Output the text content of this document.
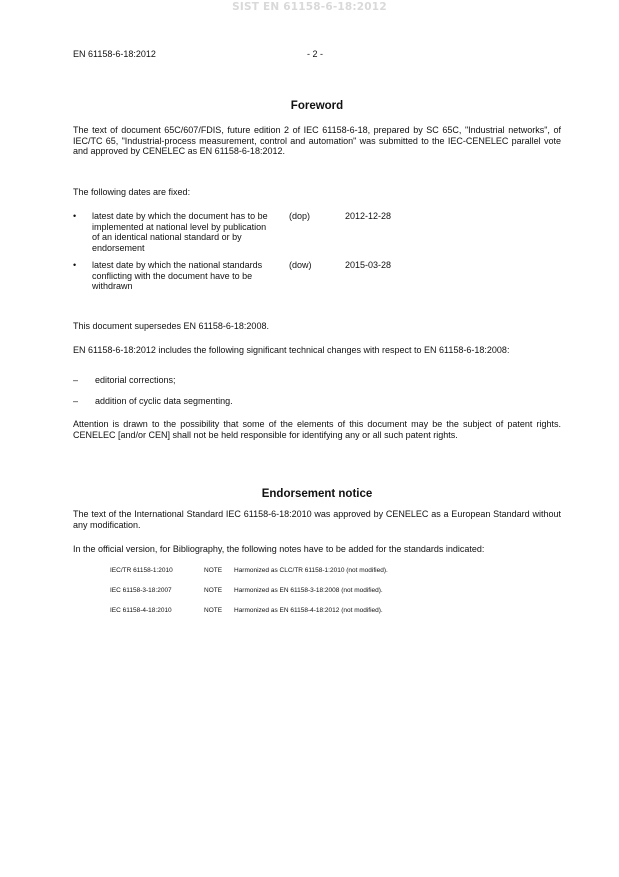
SIST EN 61158-6-18:2012
EN 61158-6-18:2012	- 2 -
Foreword
The text of document 65C/607/FDIS, future edition 2 of IEC 61158-6-18, prepared by SC 65C, "Industrial networks", of IEC/TC 65, "Industrial-process measurement, control and automation" was submitted to the IEC-CENELEC parallel vote and approved by CENELEC as EN 61158-6-18:2012.
The following dates are fixed:
• latest date by which the document has to be implemented at national level by publication of an identical national standard or by endorsement
(dop)	2012-12-28
• latest date by which the national standards conflicting with the document have to be withdrawn
(dow)	2015-03-28
This document supersedes EN 61158-6-18:2008.
EN 61158-6-18:2012 includes the following significant technical changes with respect to EN 61158-6-18:2008:
– editorial corrections;
– addition of cyclic data segmenting.
Attention is drawn to the possibility that some of the elements of this document may be the subject of patent rights. CENELEC [and/or CEN] shall not be held responsible for identifying any or all such patent rights.
Endorsement notice
The text of the International Standard IEC 61158-6-18:2010 was approved by CENELEC as a European Standard without any modification.
In the official version, for Bibliography, the following notes have to be added for the standards indicated:
IEC/TR 61158-1:2010	NOTE Harmonized as CLC/TR 61158-1:2010 (not modified).
IEC 61158-3-18:2007	NOTE Harmonized as EN 61158-3-18:2008 (not modified).
IEC 61158-4-18:2010	NOTE Harmonized as EN 61158-4-18:2012 (not modified).
